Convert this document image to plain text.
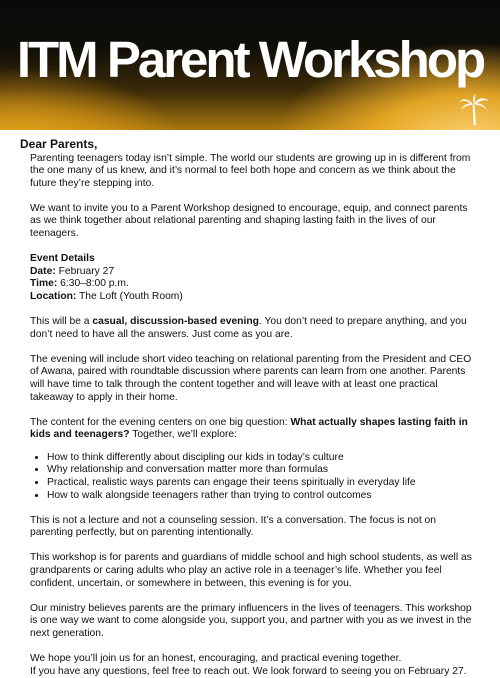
ITM Parent Workshop
Dear Parents,

Parenting teenagers today isn’t simple. The world our students are growing up in is different from the one many of us knew, and it’s normal to feel both hope and concern as we think about the future they’re stepping into.

We want to invite you to a Parent Workshop designed to encourage, equip, and connect parents as we think together about relational parenting and shaping lasting faith in the lives of our teenagers.

Event Details
Date: February 27
Time: 6:30–8:00 p.m.
Location: The Loft (Youth Room)

This will be a casual, discussion-based evening. You don’t need to prepare anything, and you don’t need to have all the answers. Just come as you are.

The evening will include short video teaching on relational parenting from the President and CEO of Awana, paired with roundtable discussion where parents can learn from one another. Parents will have time to talk through the content together and will leave with at least one practical takeaway to apply in their home.

The content for the evening centers on one big question: What actually shapes lasting faith in kids and teenagers? Together, we’ll explore:

• How to think differently about discipling our kids in today’s culture
• Why relationship and conversation matter more than formulas
• Practical, realistic ways parents can engage their teens spiritually in everyday life
• How to walk alongside teenagers rather than trying to control outcomes

This is not a lecture and not a counseling session. It’s a conversation. The focus is not on parenting perfectly, but on parenting intentionally.

This workshop is for parents and guardians of middle school and high school students, as well as grandparents or caring adults who play an active role in a teenager’s life. Whether you feel confident, uncertain, or somewhere in between, this evening is for you.

Our ministry believes parents are the primary influencers in the lives of teenagers. This workshop is one way we want to come alongside you, support you, and partner with you as we invest in the next generation.

We hope you’ll join us for an honest, encouraging, and practical evening together.
If you have any questions, feel free to reach out. We look forward to seeing you on February 27.
